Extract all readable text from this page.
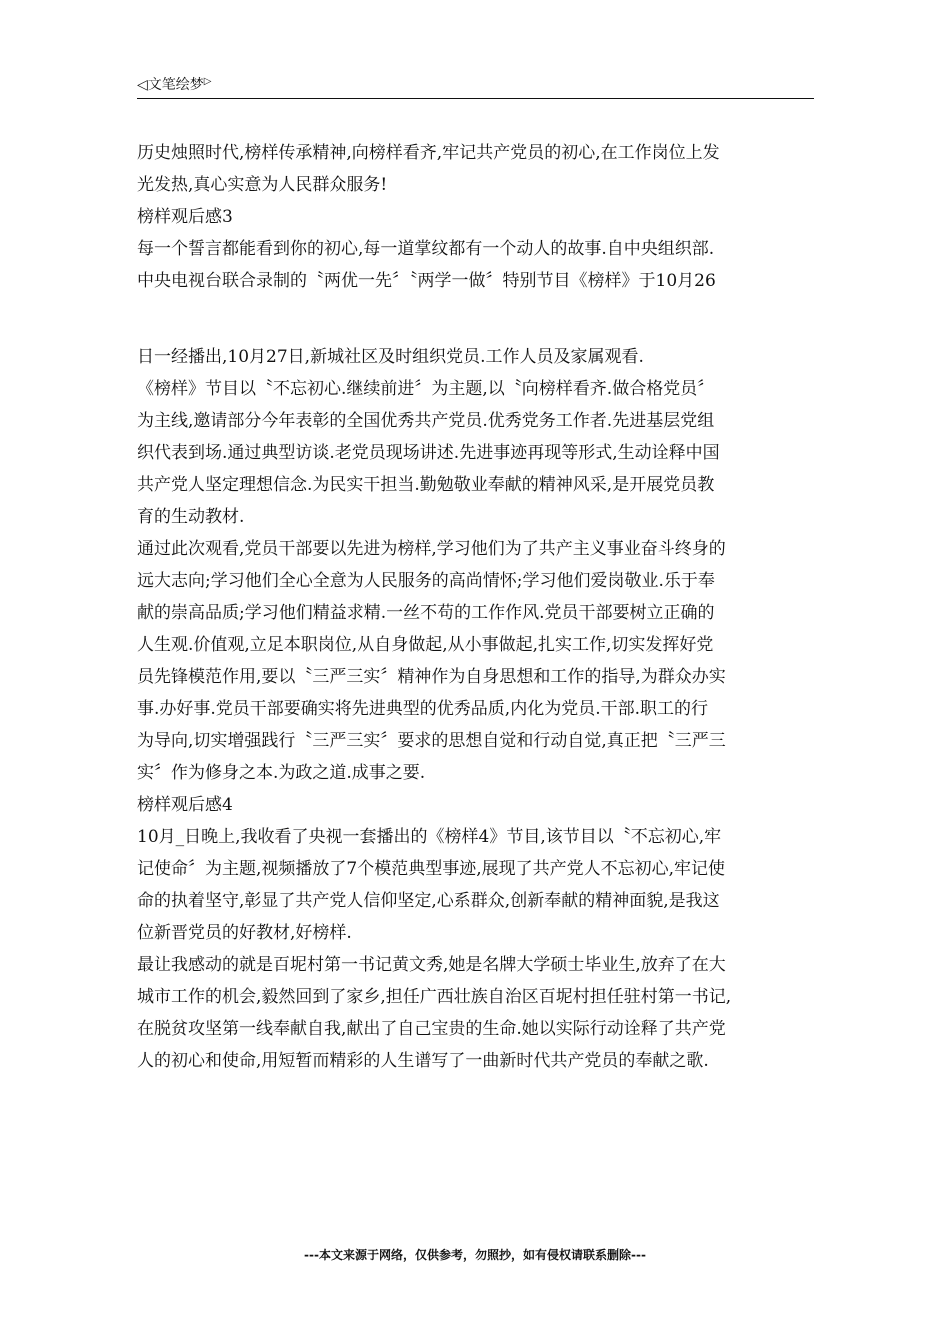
◁ 文笔绘梦 ▷
历史烛照时代,榜样传承精神,向榜样看齐,牢记共产党员的初心,在工作岗位上发
光发热,真心实意为人民群众服务!
榜样观后感3
每一个誓言都能看到你的初心,每一道掌纹都有一个动人的故事.自中央组织部.
中央电视台联合录制的〝两优一先〞〝两学一做〞特别节目《榜样》于10月26
日一经播出,10月27日,新城社区及时组织党员.工作人员及家属观看.
《榜样》节目以〝不忘初心.继续前进〞为主题,以〝向榜样看齐.做合格党员〞
为主线,邀请部分今年表彰的全国优秀共产党员.优秀党务工作者.先进基层党组
织代表到场.通过典型访谈.老党员现场讲述.先进事迹再现等形式,生动诠释中国
共产党人坚定理想信念.为民实干担当.勤勉敬业奉献的精神风采,是开展党员教
育的生动教材.
通过此次观看,党员干部要以先进为榜样,学习他们为了共产主义事业奋斗终身的
远大志向;学习他们全心全意为人民服务的高尚情怀;学习他们爱岗敬业.乐于奉
献的崇高品质;学习他们精益求精.一丝不苟的工作作风.党员干部要树立正确的
人生观.价值观,立足本职岗位,从自身做起,从小事做起,扎实工作,切实发挥好党
员先锋模范作用,要以〝三严三实〞精神作为自身思想和工作的指导,为群众办实
事.办好事.党员干部要确实将先进典型的优秀品质,内化为党员.干部.职工的行
为导向,切实增强践行〝三严三实〞要求的思想自觉和行动自觉,真正把〝三严三
实〞作为修身之本.为政之道.成事之要.
榜样观后感4
10月_日晚上,我收看了央视一套播出的《榜样4》节目,该节目以〝不忘初心,牢
记使命〞为主题,视频播放了7个模范典型事迹,展现了共产党人不忘初心,牢记使
命的执着坚守,彰显了共产党人信仰坚定,心系群众,创新奉献的精神面貌,是我这
位新晋党员的好教材,好榜样.
最让我感动的就是百坭村第一书记黄文秀,她是名牌大学硕士毕业生,放弃了在大
城市工作的机会,毅然回到了家乡,担任广西壮族自治区百坭村担任驻村第一书记,
在脱贫攻坚第一线奉献自我,献出了自己宝贵的生命.她以实际行动诠释了共产党
人的初心和使命,用短暂而精彩的人生谱写了一曲新时代共产党员的奉献之歌.
---本文来源于网络，仅供参考，勿照抄，如有侵权请联系删除---
